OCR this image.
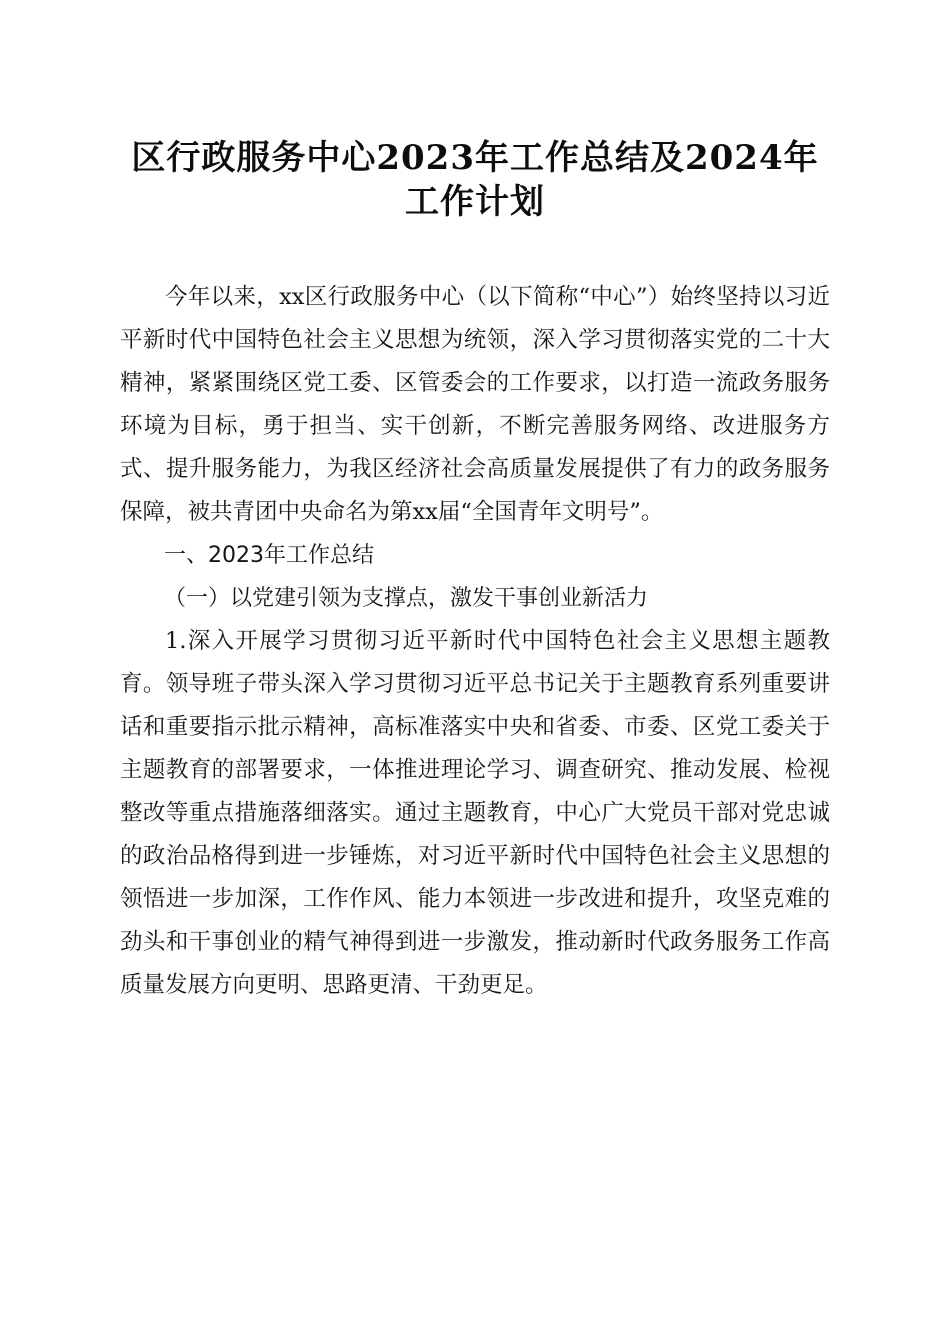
区行政服务中心2023年工作总结及2024年工作计划

今年以来，xx区行政服务中心（以下简称“中心”）始终坚持以习近平新时代中国特色社会主义思想为统领，深入学习贯彻落实党的二十大精神，紧紧围绕区党工委、区管委会的工作要求，以打造一流政务服务环境为目标，勇于担当、实干创新，不断完善服务网络、改进服务方式、提升服务能力，为我区经济社会高质量发展提供了有力的政务服务保障，被共青团中央命名为第xx届“全国青年文明号”。

一、2023年工作总结

（一）以党建引领为支撑点，激发干事创业新活力

1.深入开展学习贯彻习近平新时代中国特色社会主义思想主题教育。领导班子带头深入学习贯彻习近平总书记关于主题教育系列重要讲话和重要指示批示精神，高标准落实中央和省委、市委、区党工委关于主题教育的部署要求，一体推进理论学习、调查研究、推动发展、检视整改等重点措施落细落实。通过主题教育，中心广大党员干部对党忠诚的政治品格得到进一步锤炼，对习近平新时代中国特色社会主义思想的领悟进一步加深，工作作风、能力本领进一步改进和提升，攻坚克难的劲头和干事创业的精气神得到进一步激发，推动新时代政务服务工作高质量发展方向更明、思路更清、干劲更足。
